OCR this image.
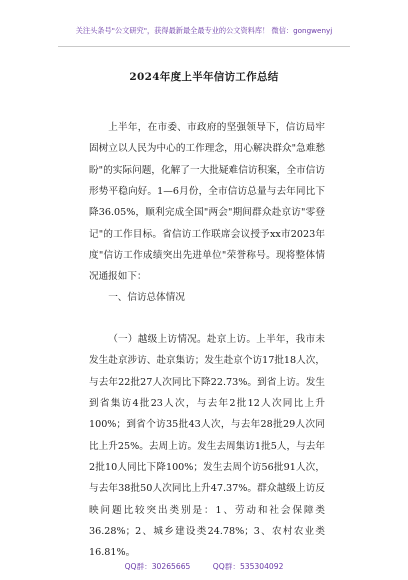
关注头条号"公文研究"，获得最新最全最专业的公文资料库！ 微信：gongwenyj
2024年度上半年信访工作总结
上半年，在市委、市政府的坚强领导下，信访局牢固树立以人民为中心的工作理念，用心解决群众"急难愁盼"的实际问题，化解了一大批疑难信访积案，全市信访形势平稳向好。1—6月份，全市信访总量与去年同比下降36.05%，顺利完成全国"两会"期间群众赴京访"零登记"的工作目标。省信访工作联席会议授予xx市2023年度"信访工作成绩突出先进单位"荣誉称号。现将整体情况通报如下：
一、信访总体情况
（一）越级上访情况。赴京上访。上半年，我市未发生赴京涉访、赴京集访；发生赴京个访17批18人次，与去年22批27人次同比下降22.73%。到省上访。发生到省集访4批23人次，与去年2批12人次同比上升100%；到省个访35批43人次，与去年28批29人次同比上升25%。去周上访。发生去周集访1批5人，与去年2批10人同比下降100%；发生去周个访56批91人次，与去年38批50人次同比上升47.37%。群众越级上访反映问题比较突出类别是：1、劳动和社会保障类36.28%；2、城乡建设类24.78%；3、农村农业类16.81%。
QQ群：30265665	QQ群：535304092
